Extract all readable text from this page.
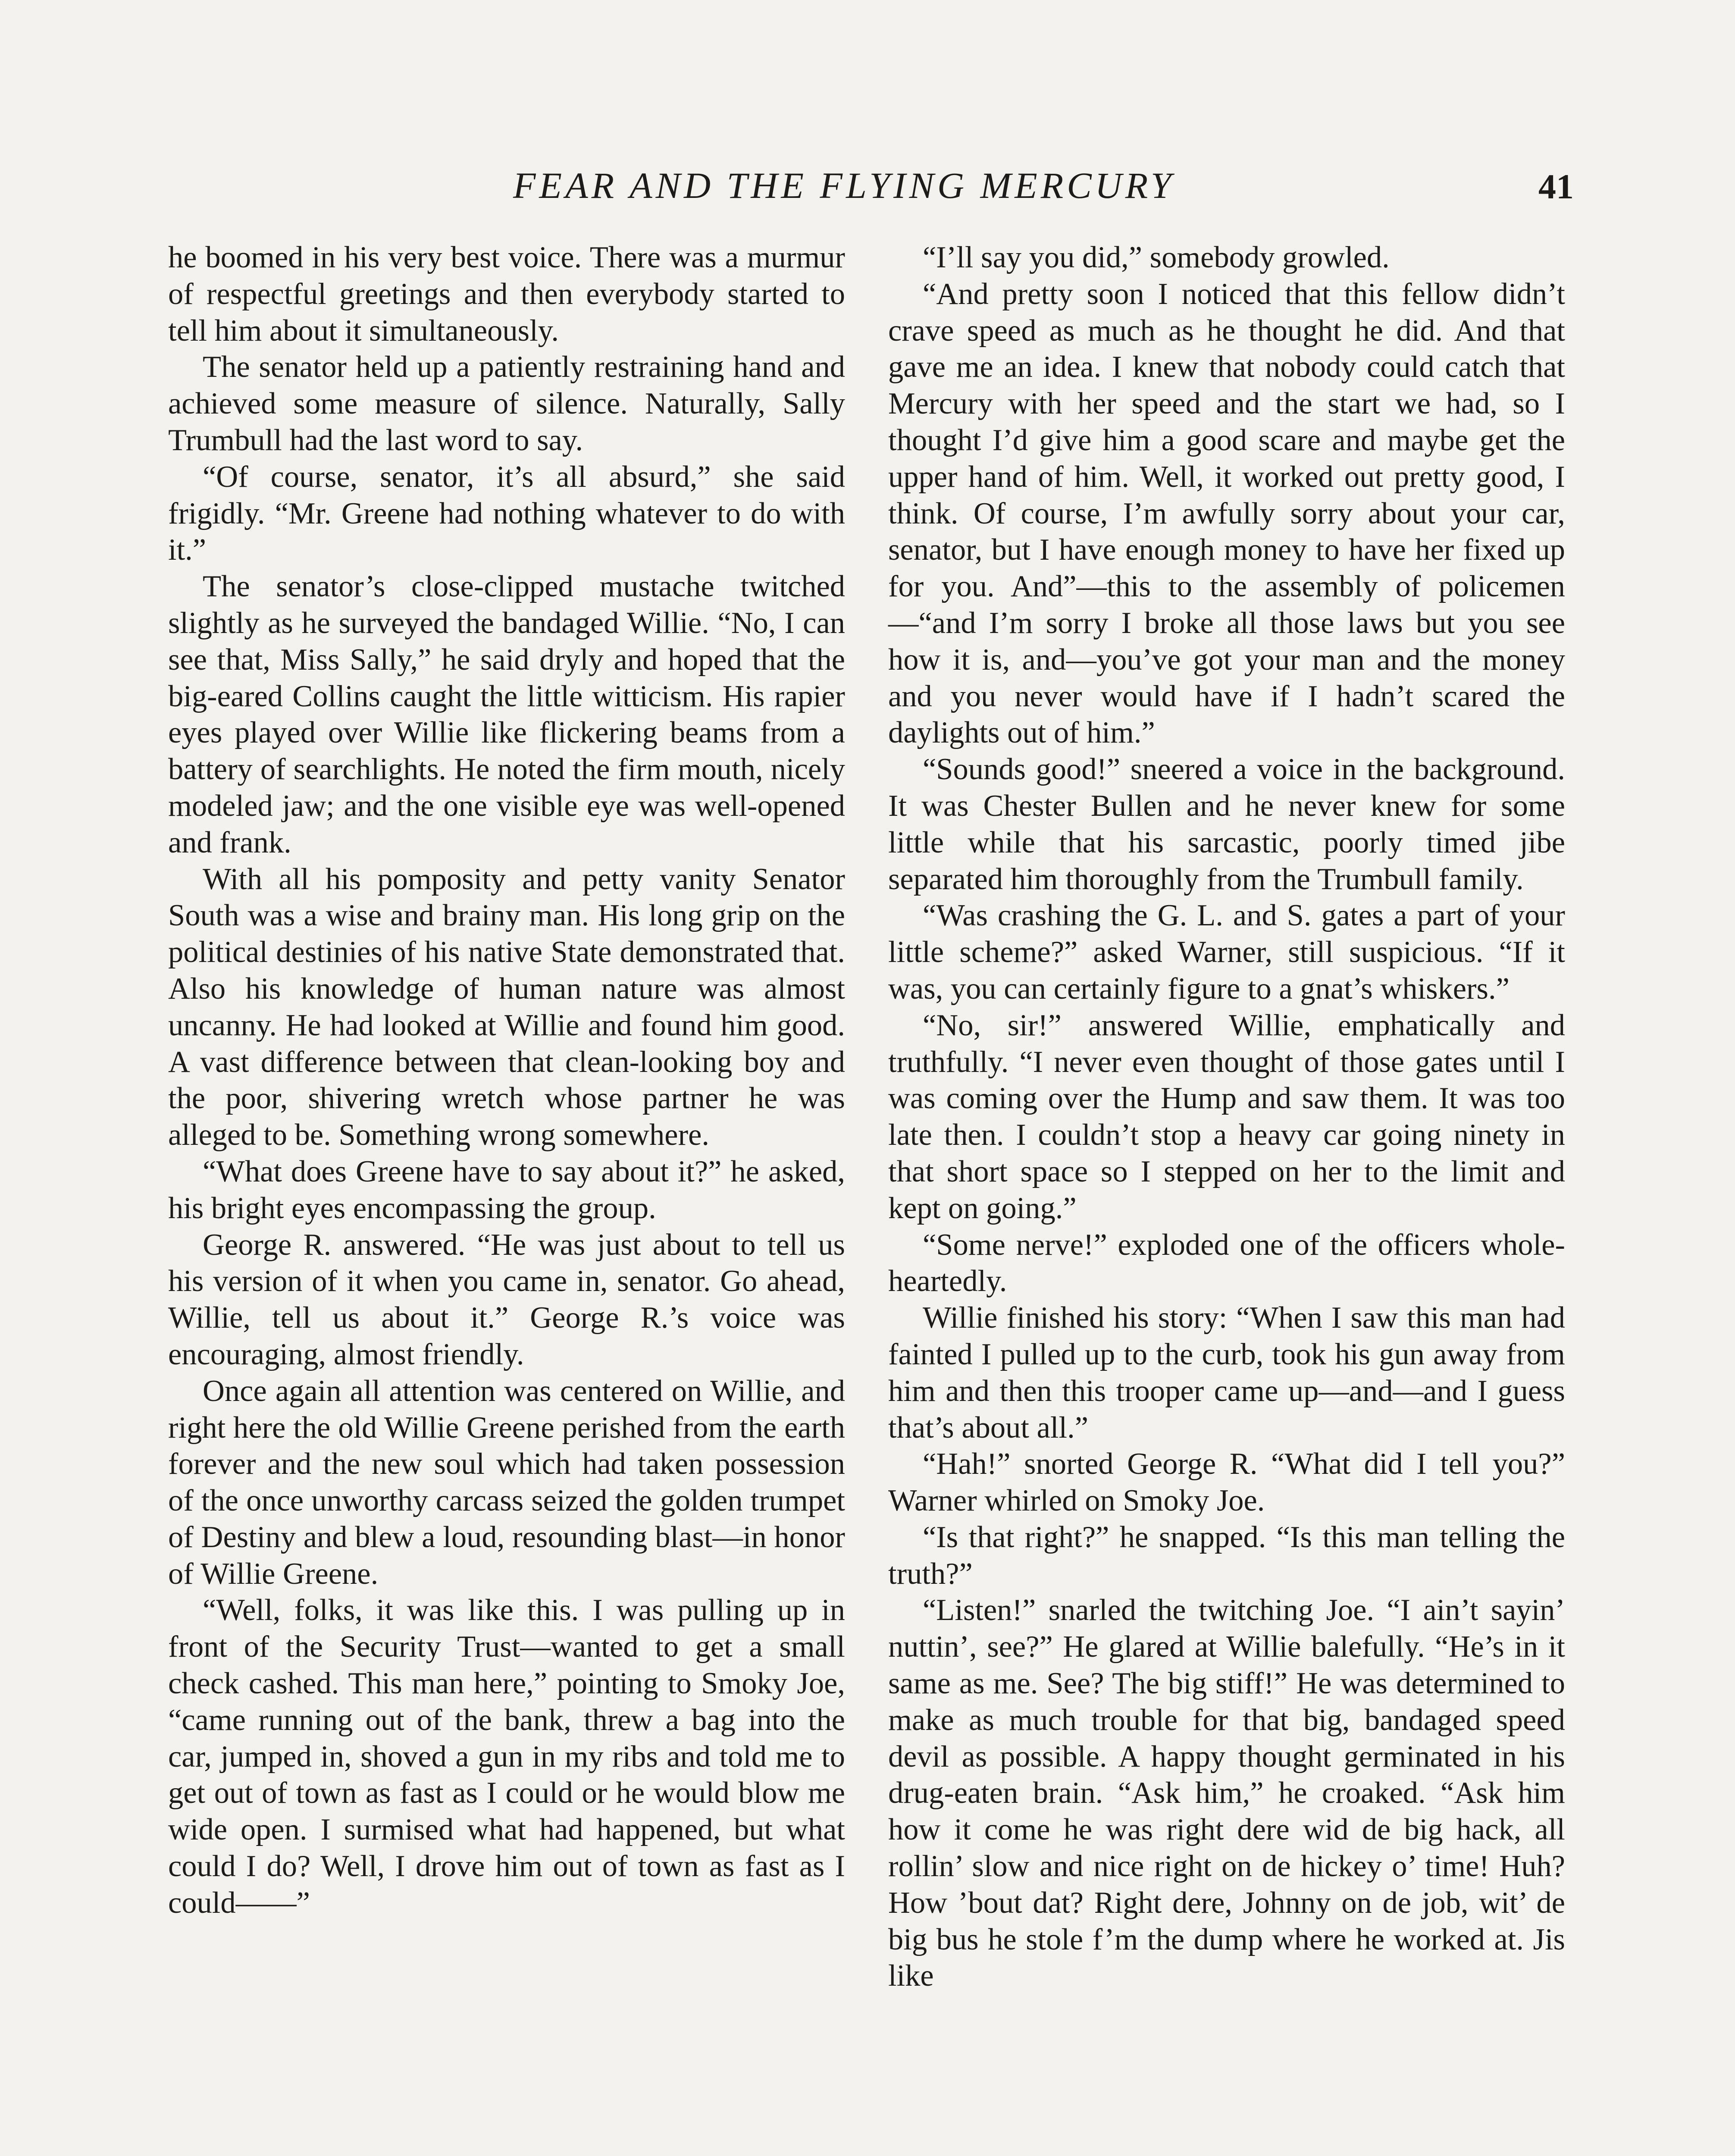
FEAR AND THE FLYING MERCURY	41

he boomed in his very best voice. There was a murmur of respectful greetings and then everybody started to tell him about it simultaneously.

The senator held up a patiently restraining hand and achieved some measure of silence. Naturally, Sally Trumbull had the last word to say.

“Of course, senator, it’s all absurd,” she said frigidly. “Mr. Greene had nothing whatever to do with it.”

The senator’s close-clipped mustache twitched slightly as he surveyed the bandaged Willie. “No, I can see that, Miss Sally,” he said dryly and hoped that the big-eared Collins caught the little witticism. His rapier eyes played over Willie like flickering beams from a battery of searchlights. He noted the firm mouth, nicely modeled jaw; and the one visible eye was well-opened and frank.

With all his pomposity and petty vanity Senator South was a wise and brainy man. His long grip on the political destinies of his native State demonstrated that. Also his knowledge of human nature was almost uncanny. He had looked at Willie and found him good. A vast difference between that clean-looking boy and the poor, shivering wretch whose partner he was alleged to be. Something wrong somewhere.

“What does Greene have to say about it?” he asked, his bright eyes encompassing the group.

George R. answered. “He was just about to tell us his version of it when you came in, senator. Go ahead, Willie, tell us about it.” George R.’s voice was encouraging, almost friendly.

Once again all attention was centered on Willie, and right here the old Willie Greene perished from the earth forever and the new soul which had taken possession of the once unworthy carcass seized the golden trumpet of Destiny and blew a loud, resounding blast—in honor of Willie Greene.

“Well, folks, it was like this. I was pulling up in front of the Security Trust—wanted to get a small check cashed. This man here,” pointing to Smoky Joe, “came running out of the bank, threw a bag into the car, jumped in, shoved a gun in my ribs and told me to get out of town as fast as I could or he would blow me wide open. I surmised what had happened, but what could I do? Well, I drove him out of town as fast as I could——”

“I’ll say you did,” somebody growled.

“And pretty soon I noticed that this fellow didn’t crave speed as much as he thought he did. And that gave me an idea. I knew that nobody could catch that Mercury with her speed and the start we had, so I thought I’d give him a good scare and maybe get the upper hand of him. Well, it worked out pretty good, I think. Of course, I’m awfully sorry about your car, senator, but I have enough money to have her fixed up for you. And”—this to the assembly of policemen—“and I’m sorry I broke all those laws but you see how it is, and—you’ve got your man and the money and you never would have if I hadn’t scared the daylights out of him.”

“Sounds good!” sneered a voice in the background. It was Chester Bullen and he never knew for some little while that his sarcastic, poorly timed jibe separated him thoroughly from the Trumbull family.

“Was crashing the G. L. and S. gates a part of your little scheme?” asked Warner, still suspicious. “If it was, you can certainly figure to a gnat’s whiskers.”

“No, sir!” answered Willie, emphatically and truthfully. “I never even thought of those gates until I was coming over the Hump and saw them. It was too late then. I couldn’t stop a heavy car going ninety in that short space so I stepped on her to the limit and kept on going.”

“Some nerve!” exploded one of the officers whole-heartedly.

Willie finished his story: “When I saw this man had fainted I pulled up to the curb, took his gun away from him and then this trooper came up—and—and I guess that’s about all.”

“Hah!” snorted George R. “What did I tell you?” Warner whirled on Smoky Joe.

“Is that right?” he snapped. “Is this man telling the truth?”

“Listen!” snarled the twitching Joe. “I ain’t sayin’ nuttin’, see?” He glared at Willie balefully. “He’s in it same as me. See? The big stiff!” He was determined to make as much trouble for that big, bandaged speed devil as possible. A happy thought germinated in his drug-eaten brain. “Ask him,” he croaked. “Ask him how it come he was right dere wid de big hack, all rollin’ slow and nice right on de hickey o’ time! Huh? How ’bout dat? Right dere, Johnny on de job, wit’ de big bus he stole f’m the dump where he worked at. Jis like
